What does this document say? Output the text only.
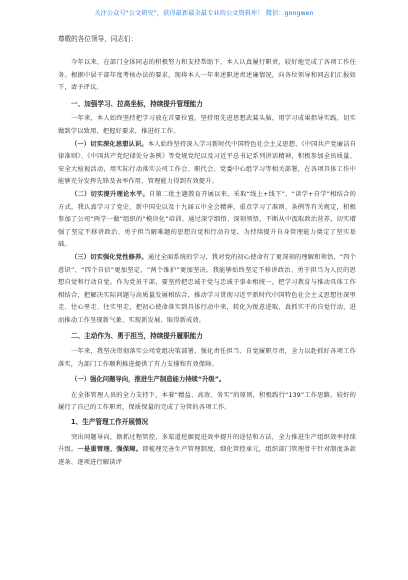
关注公众号"公文研究"，获得最新最全最专业的公文资料库！ 微信：gongwen
尊敬的各位领导，同志们：

今年以来，在部门全体同志的积极努力和支持帮助下，本人认真履行职责，较好地完成了各项工作任务。根据中层干部年度考核办法的要求，现将本人一年来述职述责述廉情况，向各位领导和同志们汇报如下，请予评议。

一、加强学习、拉高坐标，持续提升管理能力

一年来，本人始终坚持把学习放在首要位置，坚持用先进思想武装头脑，用学习成果指导实践，切实做到学以致用，把握好要求，推进好工作。

（一）切实深化思想认识。本人始终坚持深入学习新时代中国特色社会主义思想、《中国共产党廉洁自律准则》、《中国共产党纪律处分条例》等党规党纪以及习近平总书记系列讲话精神，积极参加全员质量、安全大检视活动，用实际行动落实公司工作会、职代会、党委中心组学习等相关部署，在各项具体工作中能够充分发挥先锋及表率作用，管理能力得到有效提升。

（二）切实提升理论水平。自第二批主题教育开展以来，采取“线上+线下”、“读学+自学”相结合的方式，我认真学习了党史、新中国史以及十九届五中全会精神，重点学习了准则、条例等有关规定，积极参加了公司“两学一做”组织的“模块化”培训。通过深学细悟、深刻领悟，不断从中汲取政治营养，切实增强了坚定不移讲政治、勇于担当解难题的思想自觉和行动自觉，为持续提升自身管理能力奠定了坚实基础。

（三）切实强化党性修养。通过全面系统的学习，我对党的初心使命有了更深刻的理解和领悟，“四个意识”、“四个自信”更加坚定，“两个维护”更加坚决。我能够始终坚定不移讲政治、勇于担当为人民的思想自觉和行动自觉。作为党员干部，要坚持把忠诚于党与忠诚于事业相统一，把学习教育与推动具体工作相结合，把解决实际问题与高质量发展相结合，推动学习贯彻习近平新时代中国特色社会主义思想往深里走、往心里走、往实里走，把初心使命落实到具体行动中来，转化为锐意进取、真抓实干的自觉行动，进而推动工作呈现新气象、实现新发展、取得新成效。

二、主动作为、勇于担当，持续提升履职能力

一年来，我坚决贯彻落实公司党组决策部署，强化责任担当、自觉履职尽责，全力以赴抓好各项工作落实，为部门工作顺利推进提供了有力支撑和有效保障。

（一）强化问题导向，推进生产制造能力持续“升级”。

在全体管理人员的全力支持下，本着“精益、高效、务实”的原则，积极践行“139”工作思路，较好的履行了自己的工作职责，保质保量的完成了分管的各项工作。

1、生产管理工作开展情况

突出问题导向，据抓过程管控，多渠道挖掘促进效率提升的途径和方法，全力推进生产组织效率持续升级。一是重管理、强保障。即梳理完善生产管理制度，细化管控单元，组织部门管理骨干针对制度条款逐条、逐项进行解读评
